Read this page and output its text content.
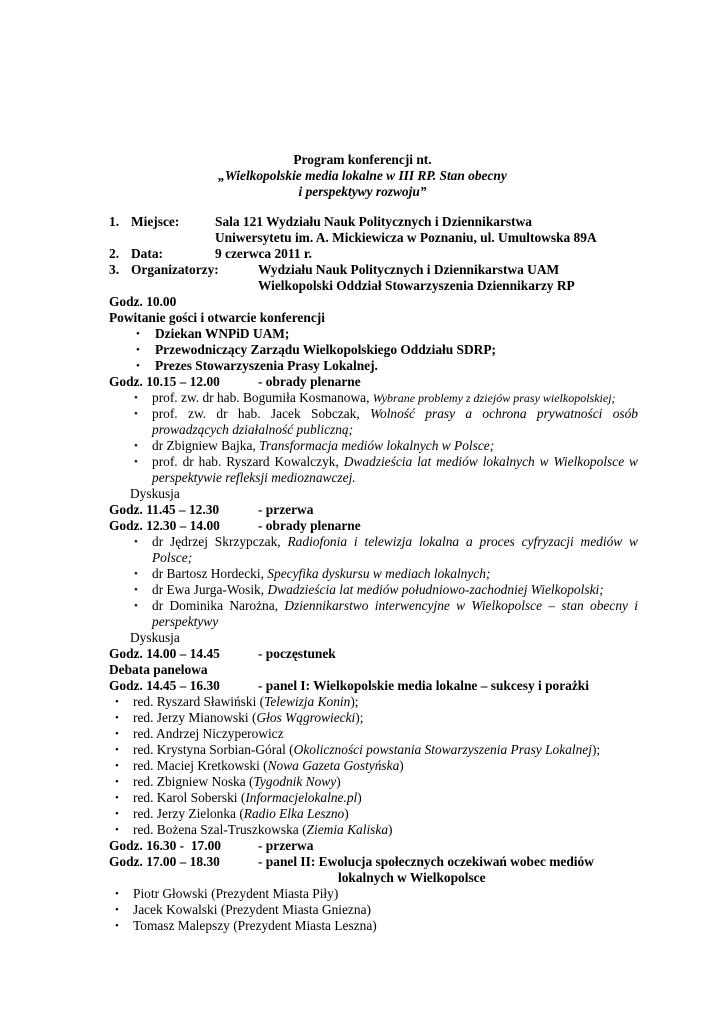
Program konferencji nt.
„Wielkopolskie media lokalne w III RP. Stan obecny
i perspektywy rozwoju”
1. Miejsce:	Sala 121 Wydziału Nauk Politycznych i Dziennikarstwa
Uniwersytetu im. A. Mickiewicza w Poznaniu, ul. Umultowska 89A
2. Data:	9 czerwca 2011 r.
3. Organizatorzy:	Wydziału Nauk Politycznych i Dziennikarstwa UAM
Wielkopolski Oddział Stowarzyszenia Dziennikarzy RP
Godz. 10.00
Powitanie gości i otwarcie konferencji
• Dziekan WNPiD UAM;
• Przewodniczący Zarządu Wielkopolskiego Oddziału SDRP;
• Prezes Stowarzyszenia Prasy Lokalnej.
Godz. 10.15 – 12.00	- obrady plenarne
• prof. zw. dr hab. Bogumiła Kosmanowa, Wybrane problemy z dziejów prasy wielkopolskiej;
• prof. zw. dr hab. Jacek Sobczak, Wolność prasy a ochrona prywatności osób
prowadzących działalność publiczną;
• dr Zbigniew Bajka, Transformacja mediów lokalnych w Polsce;
• prof. dr hab. Ryszard Kowalczyk, Dwadzieścia lat mediów lokalnych w Wielkopolsce w
perspektywie refleksji medioznawczej.
Dyskusja
Godz. 11.45 – 12.30	- przerwa
Godz. 12.30 – 14.00	- obrady plenarne
• dr Jędrzej Skrzypczak, Radiofonia i telewizja lokalna a proces cyfryzacji mediów w
Polsce;
• dr Bartosz Hordecki, Specyfika dyskursu w mediach lokalnych;
• dr Ewa Jurga-Wosik, Dwadzieścia lat mediów południowo-zachodniej Wielkopolski;
• dr Dominika Narożna, Dziennikarstwo interwencyjne w Wielkopolsce – stan obecny i
perspektywy
Dyskusja
Godz. 14.00 – 14.45	- poczęstunek
Debata panelowa
Godz. 14.45 – 16.30	- panel I: Wielkopolskie media lokalne – sukcesy i porażki
• red. Ryszard Sławiński (Telewizja Konin);
• red. Jerzy Mianowski (Głos Wągrowiecki);
• red. Andrzej Niczyperowicz
• red. Krystyna Sorbian-Góral (Okoliczności powstania Stowarzyszenia Prasy Lokalnej);
• red. Maciej Kretkowski (Nowa Gazeta Gostyńska)
• red. Zbigniew Noska (Tygodnik Nowy)
• red. Karol Soberski (Informacjelokalne.pl)
• red. Jerzy Zielonka (Radio Elka Leszno)
• red. Bożena Szal-Truszkowska (Ziemia Kaliska)
Godz. 16.30 -  17.00	- przerwa
Godz. 17.00 – 18.30	- panel II: Ewolucja społecznych oczekiwań wobec mediów
lokalnych w Wielkopolsce
• Piotr Głowski (Prezydent Miasta Piły)
• Jacek Kowalski (Prezydent Miasta Gniezna)
• Tomasz Malepszy (Prezydent Miasta Leszna)
